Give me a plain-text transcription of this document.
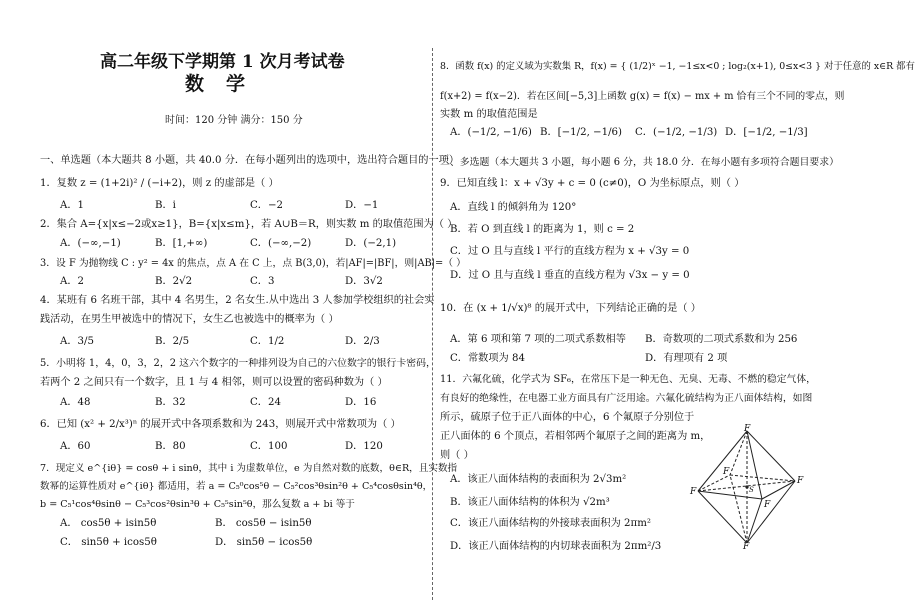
高二年级下学期第 1 次月考试卷
数学
时间：120 分钟 满分：150 分
一、单选题（本大题共 8 小题，共 40.0 分．在每小题列出的选项中，选出符合题目的一项）
1．复数 z = (1+2i)² / (−i+2)，则 z 的虚部是（ ）
A．1	B．i	C．−2	D．−1
2．集合 A={x|x≤−2或x≥1}，B={x|x≤m}，若 A∪B＝R，则实数 m 的取值范围为（ ）
A．(−∞,−1)	B．[1,+∞)	C．(−∞,−2)	D．(−2,1)
3．设 F 为抛物线 C : y² = 4x 的焦点，点 A 在 C 上，点 B(3,0)，若|AF|=|BF|，则|AB|=（ ）
A．2	B．2√2	C．3	D．3√2
4．某班有 6 名班干部，其中 4 名男生，2 名女生.从中选出 3 人参加学校组织的社会实
践活动，在男生甲被选中的情况下，女生乙也被选中的概率为（ ）
A．3/5	B．2/5	C．1/2	D．2/3
5．小明将 1，4，0，3，2，2 这六个数字的一种排列设为自己的六位数字的银行卡密码，
若两个 2 之间只有一个数字，且 1 与 4 相邻，则可以设置的密码种数为（ ）
A．48	B．32	C．24	D．16
6．已知 (x² + 2/x³)ⁿ 的展开式中各项系数和为 243，则展开式中常数项为（ ）
A．60	B．80	C．100	D．120
7．现定义 e^{iθ} = cosθ + i sinθ，其中 i 为虚数单位，e 为自然对数的底数，θ∈R，且实数指
数幂的运算性质对 e^{iθ} 都适用，若 a = C₅⁰cos⁵θ − C₅²cos³θsin²θ + C₅⁴cosθsin⁴θ，
b = C₅¹cos⁴θsinθ − C₅³cos²θsin³θ + C₅⁵sin⁵θ，那么复数 a + bi 等于
A． cos5θ + isin5θ	B． cos5θ − isin5θ
C． sin5θ + icos5θ	D． sin5θ − icos5θ
8．函数 f(x) 的定义域为实数集 R，f(x) = { (1/2)ˣ −1, −1≤x<0 ; log₂(x+1), 0≤x<3 } 对于任意的 x∈R 都有
f(x+2) = f(x−2)．若在区间[−5,3]上函数 g(x) = f(x) − mx + m 恰有三个不同的零点，则
实数 m 的取值范围是
A．(−1/2, −1/6) B．[−1/2, −1/6) C．(−1/2, −1/3) D．[−1/2, −1/3]
二、多选题（本大题共 3 小题，每小题 6 分，共 18.0 分．在每小题有多项符合题目要求）
9．已知直线 l：x + √3y + c = 0 (c≠0)，O 为坐标原点，则（ ）
A．直线 l 的倾斜角为 120°
B．若 O 到直线 l 的距离为 1，则 c = 2
C．过 O 且与直线 l 平行的直线方程为 x + √3y = 0
D．过 O 且与直线 l 垂直的直线方程为 √3x − y = 0
10．在 (x + 1/√x)⁸ 的展开式中，下列结论正确的是（ ）
A．第 6 项和第 7 项的二项式系数相等 B．奇数项的二项式系数和为 256
C．常数项为 84	D．有理项有 2 项
11．六氟化硫，化学式为 SF₆，在常压下是一种无色、无臭、无毒、不燃的稳定气体，
有良好的绝缘性，在电器工业方面具有广泛用途。六氟化硫结构为正八面体结构，如图
所示，硫原子位于正八面体的中心，6 个氟原子分别位于
正八面体的 6 个顶点，若相邻两个氟原子之间的距离为 m，
则（ ）
A．该正八面体结构的表面积为 2√3m²
B．该正八面体结构的体积为 √2m³
C．该正八面体结构的外接球表面积为 2πm²
D．该正八面体结构的内切球表面积为 2πm²/3
F
F
F
F
F
F
S
